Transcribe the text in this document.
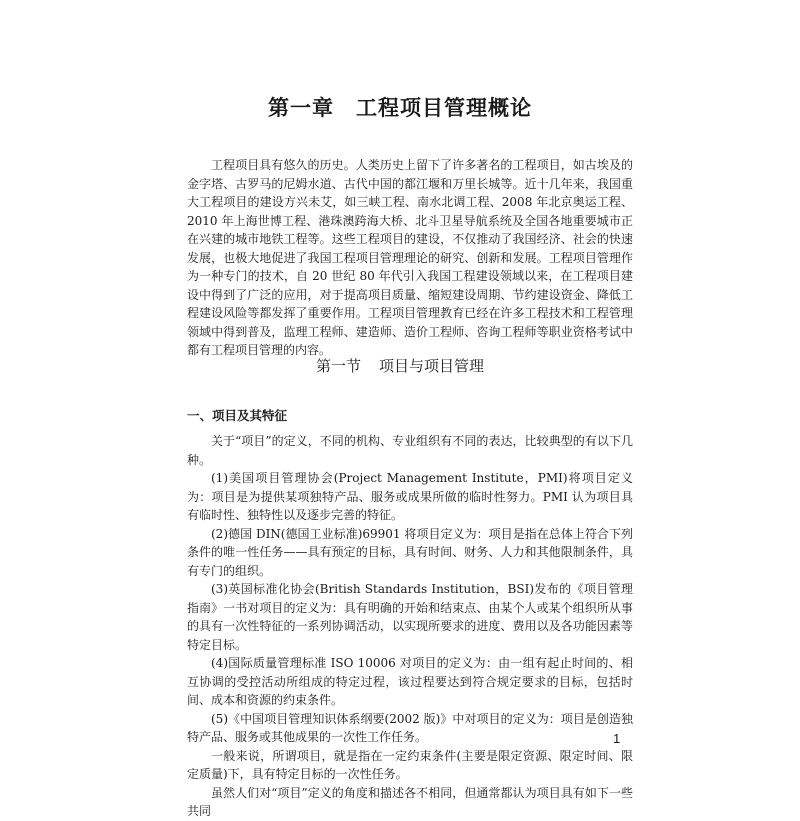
第一章 工程项目管理概论

工程项目具有悠久的历史。人类历史上留下了许多著名的工程项目，如古埃及的金字塔、古罗马的尼姆水道、古代中国的都江堰和万里长城等。近十几年来，我国重大工程项目的建设方兴未艾，如三峡工程、南水北调工程、2008 年北京奥运工程、2010 年上海世博工程、港珠澳跨海大桥、北斗卫星导航系统及全国各地重要城市正在兴建的城市地铁工程等。这些工程项目的建设，不仅推动了我国经济、社会的快速发展，也极大地促进了我国工程项目管理理论的研究、创新和发展。工程项目管理作为一种专门的技术，自 20 世纪 80 年代引入我国工程建设领域以来，在工程项目建设中得到了广泛的应用，对于提高项目质量、缩短建设周期、节约建设资金、降低工程建设风险等都发挥了重要作用。工程项目管理教育已经在许多工程技术和工程管理领域中得到普及，监理工程师、建造师、造价工程师、咨询工程师等职业资格考试中都有工程项目管理的内容。

第一节 项目与项目管理
一、项目及其特征

关于“项目”的定义，不同的机构、专业组织有不同的表达，比较典型的有以下几种。

(1)美国项目管理协会(Project Management Institute，PMI)将项目定义为：项目是为提供某项独特产品、服务或成果所做的临时性努力。PMI 认为项目具有临时性、独特性以及逐步完善的特征。

(2)德国 DIN(德国工业标准)69901 将项目定义为：项目是指在总体上符合下列条件的唯一性任务——具有预定的目标，具有时间、财务、人力和其他限制条件，具有专门的组织。

(3)英国标准化协会(British Standards Institution，BSI)发布的《项目管理指南》一书对项目的定义为：具有明确的开始和结束点、由某个人或某个组织所从事的具有一次性特征的一系列协调活动，以实现所要求的进度、费用以及各功能因素等特定目标。

(4)国际质量管理标准 ISO 10006 对项目的定义为：由一组有起止时间的、相互协调的受控活动所组成的特定过程，该过程要达到符合规定要求的目标，包括时间、成本和资源的约束条件。

(5)《中国项目管理知识体系纲要(2002 版)》中对项目的定义为：项目是创造独特产品、服务或其他成果的一次性工作任务。

一般来说，所谓项目，就是指在一定约束条件(主要是限定资源、限定时间、限定质量)下，具有特定目标的一次性任务。

虽然人们对“项目”定义的角度和描述各不相同，但通常都认为项目具有如下一些共同

1
